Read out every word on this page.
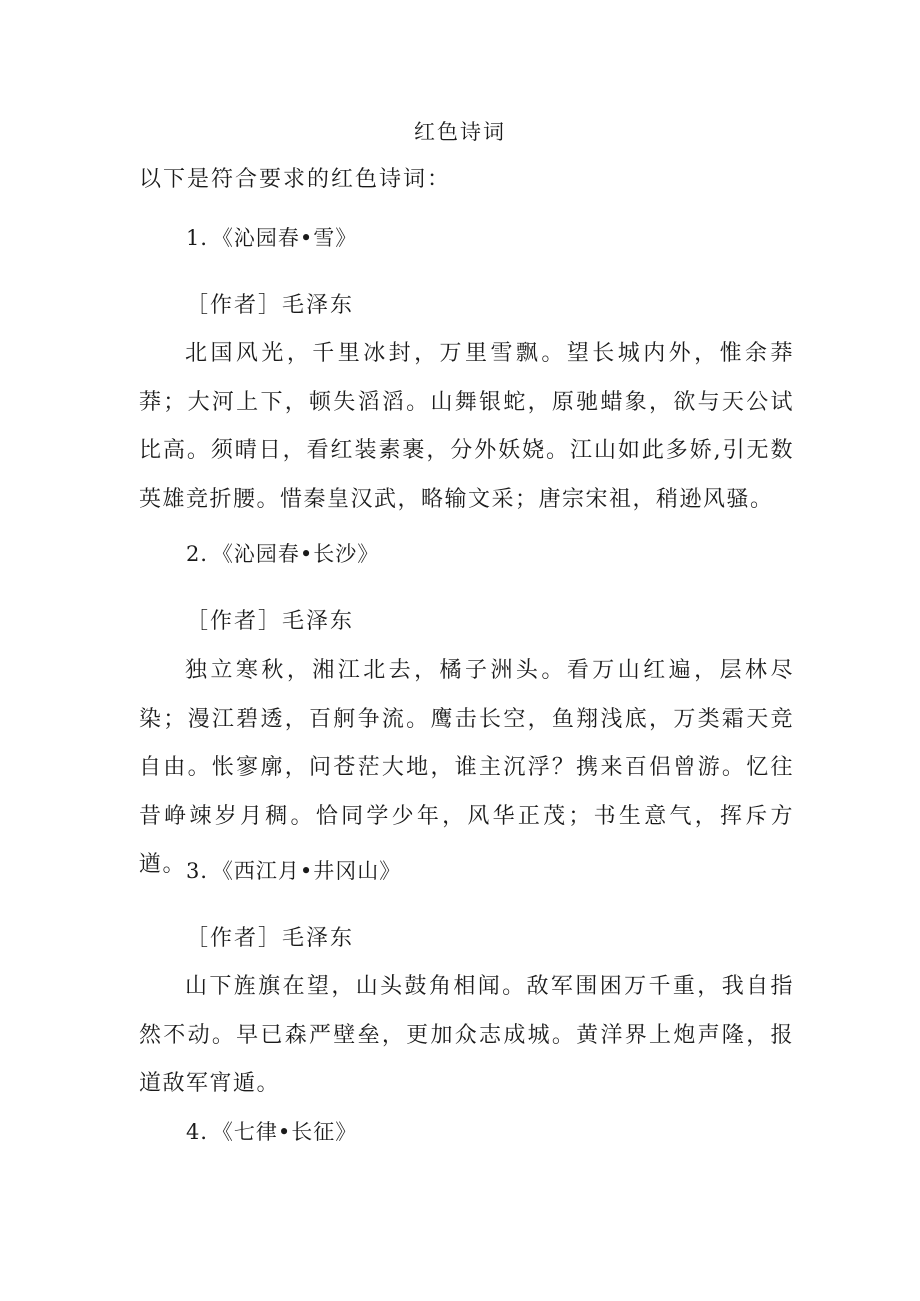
红色诗词
以下是符合要求的红色诗词：
1．《沁园春•雪》
［作者］毛泽东

北国风光，千里冰封，万里雪飘。望长城内外，惟余莽莽；大河上下，顿失滔滔。山舞银蛇，原驰蜡象，欲与天公试比高。须晴日，看红装素裹，分外妖娆。江山如此多娇,引无数英雄竞折腰。惜秦皇汉武，略输文采；唐宗宋祖，稍逊风骚。

2．《沁园春•长沙》
［作者］毛泽东

独立寒秋，湘江北去，橘子洲头。看万山红遍，层林尽染；漫江碧透，百舸争流。鹰击长空，鱼翔浅底，万类霜天竞自由。怅寥廓，问苍茫大地，谁主沉浮？携来百侣曾游。忆往昔峥竦岁月稠。恰同学少年，风华正茂；书生意气，挥斥方遒。 3．《西江月•井冈山》
［作者］毛泽东

山下旌旗在望，山头鼓角相闻。敌军围困万千重，我自指然不动。早已森严壁垒，更加众志成城。黄洋界上炮声隆，报道敌军宵遁。

4．《七律•长征》
